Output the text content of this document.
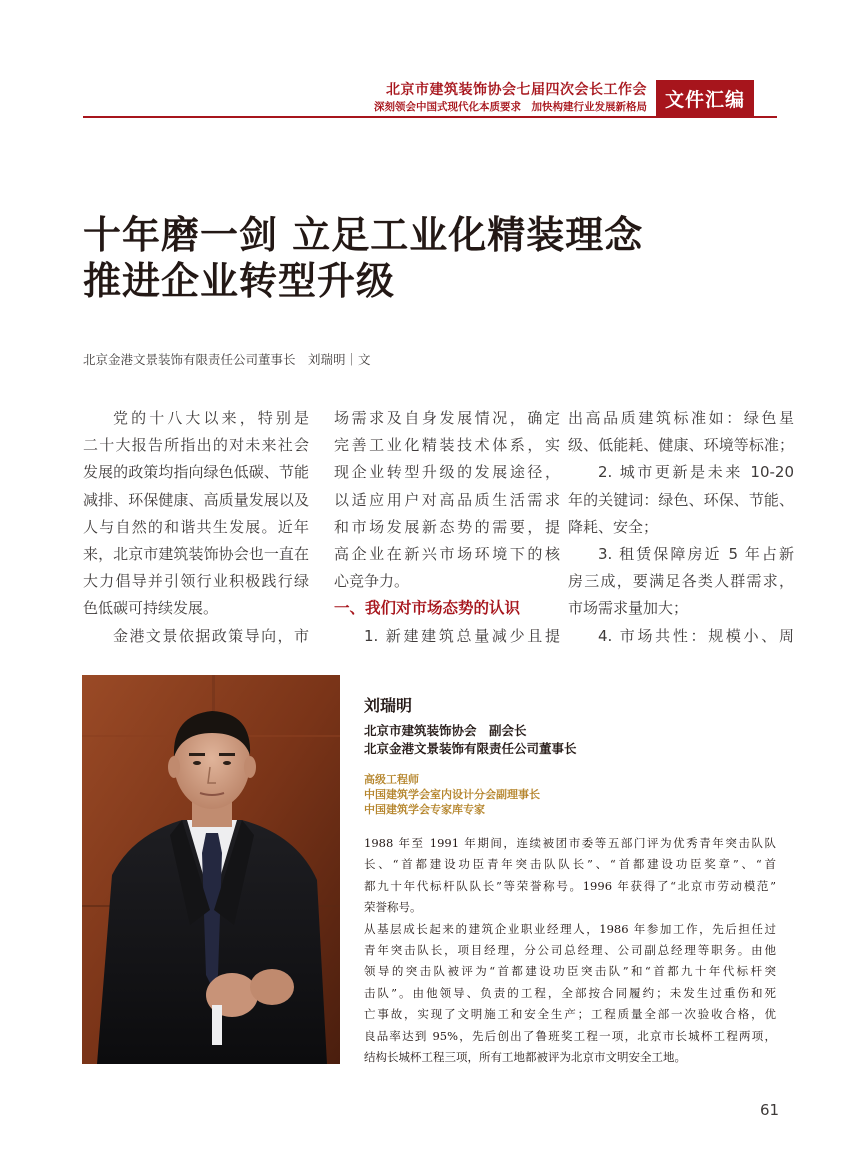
北京市建筑装饰协会七届四次会长工作会
深刻领会中国式现代化本质要求　加快构建行业发展新格局 文件汇编
十年磨一剑 立足工业化精装理念
推进企业转型升级
北京金港文景装饰有限责任公司董事长　刘瑞明｜文
党的十八大以来，特别是
二十大报告所指出的对未来社会
发展的政策均指向绿色低碳、节能
减排、环保健康、高质量发展以及
人与自然的和谐共生发展。近年
来，北京市建筑装饰协会也一直在
大力倡导并引领行业积极践行绿
色低碳可持续发展。
金港文景依据政策导向，市
场需求及自身发展情况，确定
完善工业化精装技术体系，实
现企业转型升级的发展途径，
以适应用户对高品质生活需求
和市场发展新态势的需要，提
高企业在新兴市场环境下的核
心竞争力。
一、我们对市场态势的认识
1. 新建建筑总量减少且提
出高品质建筑标准如：绿色星
级、低能耗、健康、环境等标准；
2. 城市更新是未来 10-20
年的关键词：绿色、环保、节能、
降耗、安全；
3. 租赁保障房近 5 年占新
房三成，要满足各类人群需求，
市场需求量加大；
4. 市场共性：规模小、周
刘瑞明
北京市建筑装饰协会　副会长
北京金港文景装饰有限责任公司董事长
高级工程师
中国建筑学会室内设计分会副理事长
中国建筑学会专家库专家
1988 年至 1991 年期间，连续被团市委等五部门评为优秀青年突击队队
长、“首都建设功臣青年突击队队长”、“首都建设功臣奖章”、“首
都九十年代标杆队队长”等荣誉称号。1996 年获得了“北京市劳动模范”
荣誉称号。
从基层成长起来的建筑企业职业经理人，1986 年参加工作，先后担任过
青年突击队长，项目经理，分公司总经理、公司副总经理等职务。由他
领导的突击队被评为“首都建设功臣突击队”和“首都九十年代标杆突
击队”。由他领导、负责的工程，全部按合同履约；未发生过重伤和死
亡事故，实现了文明施工和安全生产；工程质量全部一次验收合格，优
良品率达到 95%，先后创出了鲁班奖工程一项，北京市长城杯工程两项，
结构长城杯工程三项，所有工地都被评为北京市文明安全工地。
61
